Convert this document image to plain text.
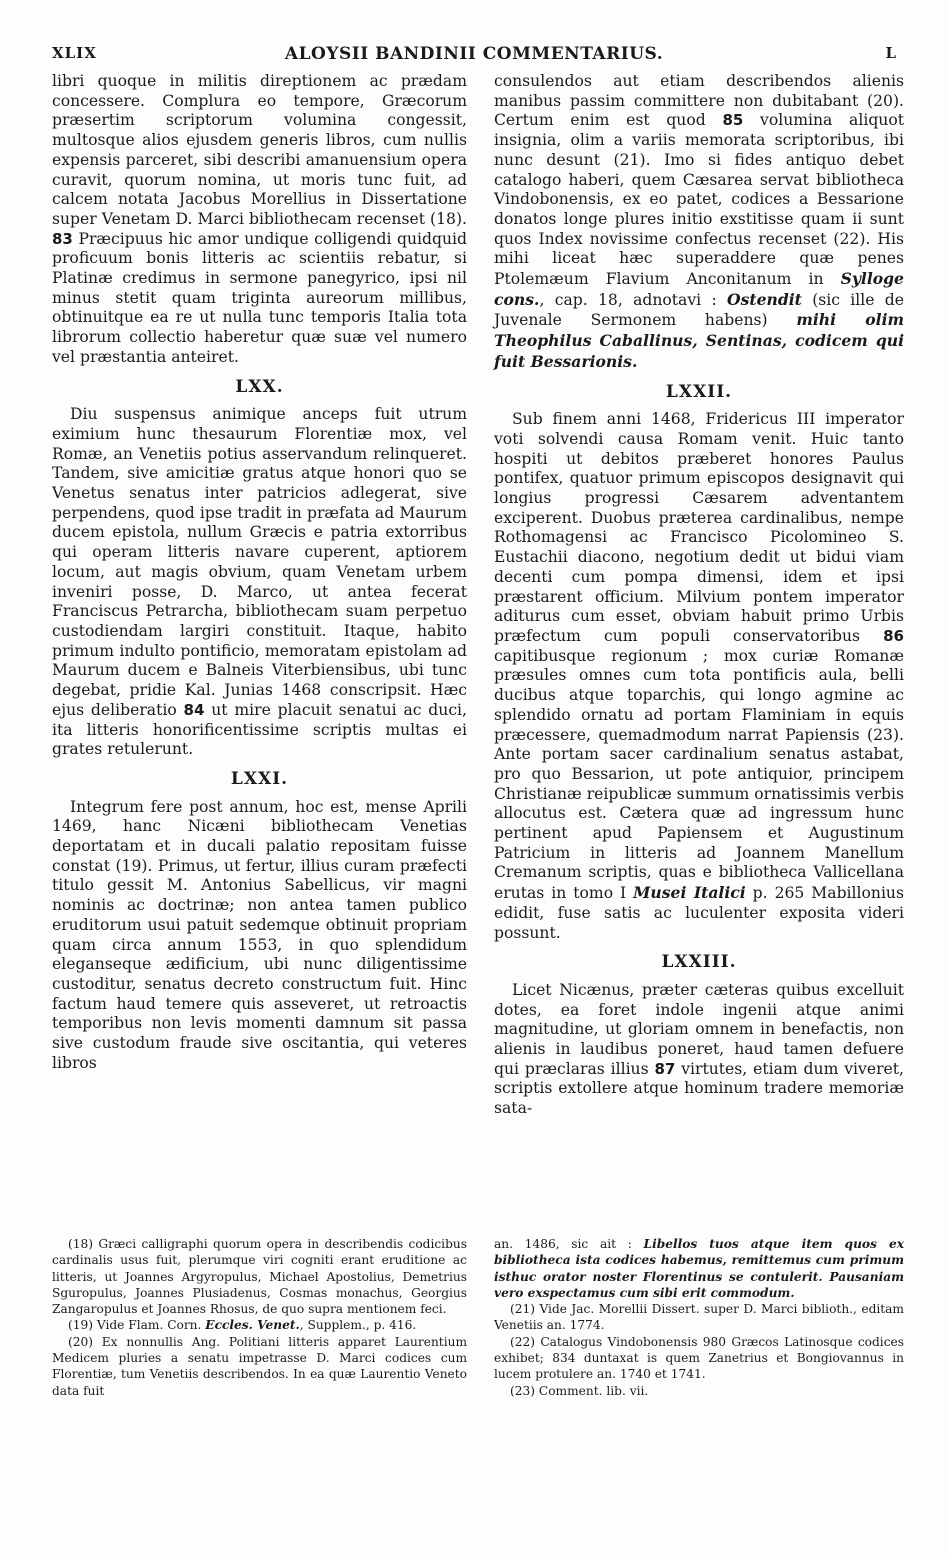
XLIX	ALOYSII BANDINII COMMENTARIUS.	L

libri quoque in militis direptionem ac prædam concessere. Complura eo tempore, Græcorum præsertim scriptorum volumina congessit, multosque alios ejusdem generis libros, cum nullis expensis parceret, sibi describi amanuensium opera curavit, quorum nomina, ut moris tunc fuit, ad calcem notata Jacobus Morellius in Dissertatione super Venetam D. Marci bibliothecam recenset (18). 83 Præcipuus hic amor undique colligendi quidquid proficuum bonis litteris ac scientiis rebatur, si Platinæ credimus in sermone panegyrico, ipsi nil minus stetit quam triginta aureorum millibus, obtinuitque ea re ut nulla tunc temporis Italia tota librorum collectio haberetur quæ suæ vel numero vel præstantia anteiret.

LXX.

Diu suspensus animique anceps fuit utrum eximium hunc thesaurum Florentiæ mox, vel Romæ, an Venetiis potius asservandum relinqueret. Tandem, sive amicitiæ gratus atque honori quo se Venetus senatus inter patricios adlegerat, sive perpendens, quod ipse tradit in præfata ad Maurum ducem epistola, nullum Græcis e patria extorribus qui operam litteris navare cuperent, aptiorem locum, aut magis obvium, quam Venetam urbem inveniri posse, D. Marco, ut antea fecerat Franciscus Petrarcha, bibliothecam suam perpetuo custodiendam largiri constituit. Itaque, habito primum indulto pontificio, memoratam epistolam ad Maurum ducem e Balneis Viterbiensibus, ubi tunc degebat, pridie Kal. Junias 1468 conscripsit. Hæc ejus deliberatio 84 ut mire placuit senatui ac duci, ita litteris honorificentissime scriptis multas ei grates retulerunt.

LXXI.

Integrum fere post annum, hoc est, mense Aprili 1469, hanc Nicæni bibliothecam Venetias deportatam et in ducali palatio repositam fuisse constat (19). Primus, ut fertur, illius curam præfecti titulo gessit M. Antonius Sabellicus, vir magni nominis ac doctrinæ; non antea tamen publico eruditorum usui patuit sedemque obtinuit propriam quam circa annum 1553, in quo splendidum eleganseque ædificium, ubi nunc diligentissime custoditur, senatus decreto constructum fuit. Hinc factum haud temere quis asseveret, ut retroactis temporibus non levis momenti damnum sit passa sive custodum fraude sive oscitantia, qui veteres libros

consulendos aut etiam describendos alienis manibus passim committere non dubitabant (20). Certum enim est quod 85 volumina aliquot insignia, olim a variis memorata scriptoribus, ibi nunc desunt (21). Imo si fides antiquo debet catalogo haberi, quem Cæsarea servat bibliotheca Vindobonensis, ex eo patet, codices a Bessarione donatos longe plures initio exstitisse quam ii sunt quos Index novissime confectus recenset (22). His mihi liceat hæc superaddere quæ penes Ptolemæum Flavium Anconitanum in Sylloge cons., cap. 18, adnotavi : Ostendit (sic ille de Juvenale Sermonem habens) mihi olim Theophilus Caballinus, Sentinas, codicem qui fuit Bessarionis.

LXXII.

Sub finem anni 1468, Fridericus III imperator voti solvendi causa Romam venit. Huic tanto hospiti ut debitos præberet honores Paulus pontifex, quatuor primum episcopos designavit qui longius progressi Cæsarem adventantem exciperent. Duobus præterea cardinalibus, nempe Rothomagensi ac Francisco Picolomineo S. Eustachii diacono, negotium dedit ut bidui viam decenti cum pompa dimensi, idem et ipsi præstarent officium. Milvium pontem imperator aditurus cum esset, obviam habuit primo Urbis præfectum cum populi conservatoribus 86 capitibusque regionum ; mox curiæ Romanæ præsules omnes cum tota pontificis aula, belli ducibus atque toparchis, qui longo agmine ac splendido ornatu ad portam Flaminiam in equis præcessere, quemadmodum narrat Papiensis (23). Ante portam sacer cardinalium senatus astabat, pro quo Bessarion, ut pote antiquior, principem Christianæ reipublicæ summum ornatissimis verbis allocutus est. Cætera quæ ad ingressum hunc pertinent apud Papiensem et Augustinum Patricium in litteris ad Joannem Manellum Cremanum scriptis, quas e bibliotheca Vallicellana erutas in tomo I Musei Italici p. 265 Mabillonius edidit, fuse satis ac luculenter exposita videri possunt.

LXXIII.

Licet Nicænus, præter cæteras quibus excelluit dotes, ea foret indole ingenii atque animi magnitudine, ut gloriam omnem in benefactis, non alienis in laudibus poneret, haud tamen defuere qui præclaras illius 87 virtutes, etiam dum viveret, scriptis extollere atque hominum tradere memoriæ sata-

(18) Græci calligraphi quorum opera in describendis codicibus cardinalis usus fuit, plerumque viri cogniti erant eruditione ac litteris, ut Joannes Argyropulus, Michael Apostolius, Demetrius Sguropulus, Joannes Plusiadenus, Cosmas monachus, Georgius Zangaropulus et Joannes Rhosus, de quo supra mentionem feci.

(19) Vide Flam. Corn. Eccles. Venet., Supplem., p. 416.

(20) Ex nonnullis Ang. Politiani litteris apparet Laurentium Medicem pluries a senatu impetrasse D. Marci codices cum Florentiæ, tum Venetiis describendos. In ea quæ Laurentio Veneto data fuit

an. 1486, sic ait : Libellos tuos atque item quos ex bibliotheca ista codices habemus, remittemus cum primum isthuc orator noster Florentinus se contulerit. Pausaniam vero exspectamus cum sibi erit commodum.

(21) Vide Jac. Morellii Dissert. super D. Marci biblioth., editam Venetiis an. 1774.

(22) Catalogus Vindobonensis 980 Græcos Latinosque codices exhibet; 834 duntaxat is quem Zanetrius et Bongiovannus in lucem protulere an. 1740 et 1741.

(23) Comment. lib. vii.
